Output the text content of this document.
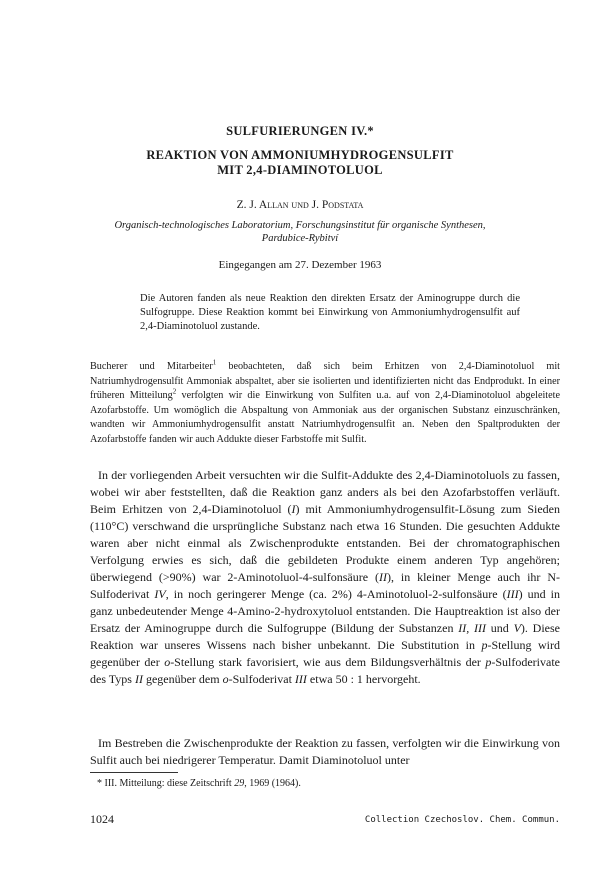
SULFURIERUNGEN IV.*
REAKTION VON AMMONIUMHYDROGENSULFIT
MIT 2,4-DIAMINOTOLUOL
Z. J. Allan und J. Podstata
Organisch-technologisches Laboratorium, Forschungsinstitut für organische Synthesen,
Pardubice-Rybitví
Eingegangen am 27. Dezember 1963
Die Autoren fanden als neue Reaktion den direkten Ersatz der Aminogruppe durch die Sulfogruppe. Diese Reaktion kommt bei Einwirkung von Ammoniumhydrogensulfit auf 2,4-Diaminotoluol zustande.
Bucherer und Mitarbeiter$^1$ beobachteten, daß sich beim Erhitzen von 2,4-Diaminotoluol mit Natriumhydrogensulfit Ammoniak abspaltet, aber sie isolierten und identifizierten nicht das Endprodukt. In einer früheren Mitteilung$^2$ verfolgten wir die Einwirkung von Sulfiten u.a. auf von 2,4-Diaminotoluol abgeleitete Azofarbstoffe. Um womöglich die Abspaltung von Ammoniak aus der organischen Substanz einzuschränken, wandten wir Ammoniumhydrogensulfit anstatt Natriumhydrogensulfit an. Neben den Spaltprodukten der Azofarbstoffe fanden wir auch Addukte dieser Farbstoffe mit Sulfit.
In der vorliegenden Arbeit versuchten wir die Sulfit-Addukte des 2,4-Diaminotoluols zu fassen, wobei wir aber feststellten, daß die Reaktion ganz anders als bei den Azofarbstoffen verläuft. Beim Erhitzen von 2,4-Diaminotoluol (I) mit Ammoniumhydrogensulfit-Lösung zum Sieden (110°C) verschwand die ursprüngliche Substanz nach etwa 16 Stunden. Die gesuchten Addukte waren aber nicht einmal als Zwischenprodukte entstanden. Bei der chromatographischen Verfolgung erwies es sich, daß die gebildeten Produkte einem anderen Typ angehören; überwiegend (>90%) war 2-Aminotoluol-4-sulfonsäure (II), in kleiner Menge auch ihr N-Sulfoderivat IV, in noch geringerer Menge (ca. 2%) 4-Aminotoluol-2-sulfonsäure (III) und in ganz unbedeutender Menge 4-Amino-2-hydroxytoluol entstanden. Die Hauptreaktion ist also der Ersatz der Aminogruppe durch die Sulfogruppe (Bildung der Substanzen II, III und V). Diese Reaktion war unseres Wissens nach bisher unbekannt. Die Substitution in p-Stellung wird gegenüber der o-Stellung stark favorisiert, wie aus dem Bildungsverhältnis der p-Sulfoderivate des Typs II gegenüber dem o-Sulfoderivat III etwa 50 : 1 hervorgeht.
Im Bestreben die Zwischenprodukte der Reaktion zu fassen, verfolgten wir die Einwirkung von Sulfit auch bei niedrigerer Temperatur. Damit Diaminotoluol unter
* III. Mitteilung: diese Zeitschrift 29, 1969 (1964).
1024	Collection Czechoslov. Chem. Commun.
